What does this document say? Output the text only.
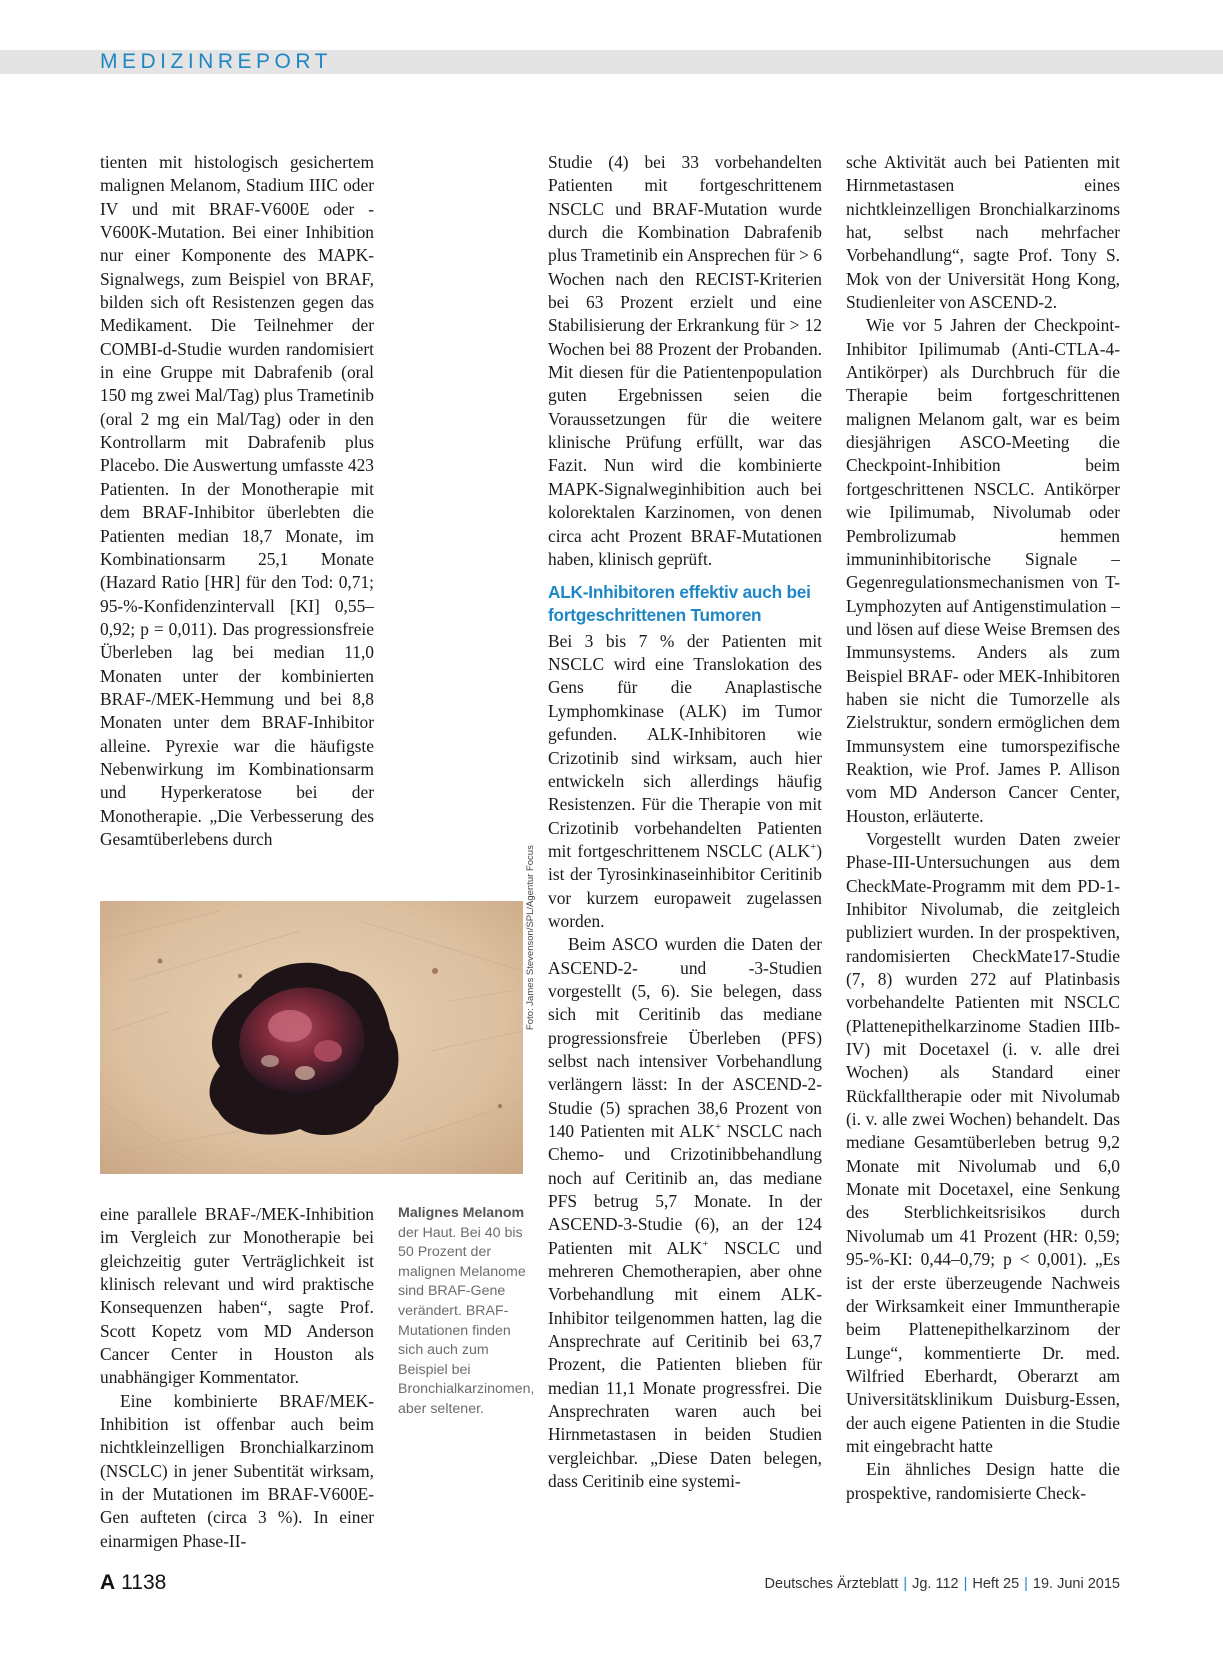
MEDIZINREPORT

tienten mit histologisch gesichertem malignen Melanom, Stadium IIIC oder IV und mit BRAF-V600E oder -V600K-Mutation. Bei einer Inhibition nur einer Komponente des MAPK-Signalwegs, zum Beispiel von BRAF, bilden sich oft Resistenzen gegen das Medikament. Die Teilnehmer der COMBI-d-Studie wurden randomisiert in eine Gruppe mit Dabrafenib (oral 150 mg zwei Mal/Tag) plus Trametinib (oral 2 mg ein Mal/Tag) oder in den Kontrollarm mit Dabrafenib plus Placebo. Die Auswertung umfasste 423 Patienten. In der Monotherapie mit dem BRAF-Inhibitor überlebten die Patienten median 18,7 Monate, im Kombinationsarm 25,1 Monate (Hazard Ratio [HR] für den Tod: 0,71; 95-%-Konfidenzintervall [KI] 0,55–0,92; p = 0,011). Das progressionsfreie Überleben lag bei median 11,0 Monaten unter der kombinierten BRAF-/MEK-Hemmung und bei 8,8 Monaten unter dem BRAF-Inhibitor alleine. Pyrexie war die häufigste Nebenwirkung im Kombinationsarm und Hyperkeratose bei der Monotherapie. „Die Verbesserung des Gesamtüberlebens durch

Foto: James Stevenson/SPL/Agentur Focus

eine parallele BRAF-/MEK-Inhibition im Vergleich zur Monotherapie bei gleichzeitig guter Verträglichkeit ist klinisch relevant und wird praktische Konsequenzen haben“, sagte Prof. Scott Kopetz vom MD Anderson Cancer Center in Houston als unabhängiger Kommentator.

Eine kombinierte BRAF/MEK-Inhibition ist offenbar auch beim nichtkleinzelligen Bronchialkarzinom (NSCLC) in jener Subentität wirksam, in der Mutationen im BRAF-V600E-Gen aufteten (circa 3 %). In einer einarmigen Phase-II-

Malignes Melanom der Haut. Bei 40 bis 50 Prozent der malignen Melanome sind BRAF-Gene verändert. BRAF-Mutationen finden sich auch zum Beispiel bei Bronchialkarzinomen, aber seltener.

Studie (4) bei 33 vorbehandelten Patienten mit fortgeschrittenem NSCLC und BRAF-Mutation wurde durch die Kombination Dabrafenib plus Trametinib ein Ansprechen für > 6 Wochen nach den RECIST-Kriterien bei 63 Prozent erzielt und eine Stabilisierung der Erkrankung für > 12 Wochen bei 88 Prozent der Probanden. Mit diesen für die Patientenpopulation guten Ergebnissen seien die Voraussetzungen für die weitere klinische Prüfung erfüllt, war das Fazit. Nun wird die kombinierte MAPK-Signalweginhibition auch bei kolorektalen Karzinomen, von denen circa acht Prozent BRAF-Mutationen haben, klinisch geprüft.

ALK-Inhibitoren effektiv auch bei fortgeschrittenen Tumoren

Bei 3 bis 7 % der Patienten mit NSCLC wird eine Translokation des Gens für die Anaplastische Lymphomkinase (ALK) im Tumor gefunden. ALK-Inhibitoren wie Crizotinib sind wirksam, auch hier entwickeln sich allerdings häufig Resistenzen. Für die Therapie von mit Crizotinib vorbehandelten Patienten mit fortgeschrittenem NSCLC (ALK+) ist der Tyrosinkinaseinhibitor Ceritinib vor kurzem europaweit zugelassen worden.

Beim ASCO wurden die Daten der ASCEND-2- und -3-Studien vorgestellt (5, 6). Sie belegen, dass sich mit Ceritinib das mediane progressionsfreie Überleben (PFS) selbst nach intensiver Vorbehandlung verlängern lässt: In der ASCEND-2-Studie (5) sprachen 38,6 Prozent von 140 Patienten mit ALK+ NSCLC nach Chemo- und Crizotinibbehandlung noch auf Ceritinib an, das mediane PFS betrug 5,7 Monate. In der ASCEND-3-Studie (6), an der 124 Patienten mit ALK+ NSCLC und mehreren Chemotherapien, aber ohne Vorbehandlung mit einem ALK-Inhibitor teilgenommen hatten, lag die Ansprechrate auf Ceritinib bei 63,7 Prozent, die Patienten blieben für median 11,1 Monate progressfrei. Die Ansprechraten waren auch bei Hirnmetastasen in beiden Studien vergleichbar. „Diese Daten belegen, dass Ceritinib eine systemi-

sche Aktivität auch bei Patienten mit Hirnmetastasen eines nichtkleinzelligen Bronchialkarzinoms hat, selbst nach mehrfacher Vorbehandlung“, sagte Prof. Tony S. Mok von der Universität Hong Kong, Studienleiter von ASCEND-2.

Wie vor 5 Jahren der Checkpoint-Inhibitor Ipilimumab (Anti-CTLA-4-Antikörper) als Durchbruch für die Therapie beim fortgeschrittenen malignen Melanom galt, war es beim diesjährigen ASCO-Meeting die Checkpoint-Inhibition beim fortgeschrittenen NSCLC. Antikörper wie Ipilimumab, Nivolumab oder Pembrolizumab hemmen immuninhibitorische Signale – Gegenregulationsmechanismen von T-Lymphozyten auf Antigenstimulation – und lösen auf diese Weise Bremsen des Immunsystems. Anders als zum Beispiel BRAF- oder MEK-Inhibitoren haben sie nicht die Tumorzelle als Zielstruktur, sondern ermöglichen dem Immunsystem eine tumorspezifische Reaktion, wie Prof. James P. Allison vom MD Anderson Cancer Center, Houston, erläuterte.

Vorgestellt wurden Daten zweier Phase-III-Untersuchungen aus dem CheckMate-Programm mit dem PD-1-Inhibitor Nivolumab, die zeitgleich publiziert wurden. In der prospektiven, randomisierten CheckMate17-Studie (7, 8) wurden 272 auf Platinbasis vorbehandelte Patienten mit NSCLC (Plattenepithelkarzinome Stadien IIIb-IV) mit Docetaxel (i. v. alle drei Wochen) als Standard einer Rückfalltherapie oder mit Nivolumab (i. v. alle zwei Wochen) behandelt. Das mediane Gesamtüberleben betrug 9,2 Monate mit Nivolumab und 6,0 Monate mit Docetaxel, eine Senkung des Sterblichkeitsrisikos durch Nivolumab um 41 Prozent (HR: 0,59; 95-%-KI: 0,44–0,79; p < 0,001). „Es ist der erste überzeugende Nachweis der Wirksamkeit einer Immuntherapie beim Plattenepithelkarzinom der Lunge“, kommentierte Dr. med. Wilfried Eberhardt, Oberarzt am Universitätsklinikum Duisburg-Essen, der auch eigene Patienten in die Studie mit eingebracht hatte

Ein ähnliches Design hatte die prospektive, randomisierte Check-

A 1138	Deutsches Ärzteblatt | Jg. 112 | Heft 25 | 19. Juni 2015
